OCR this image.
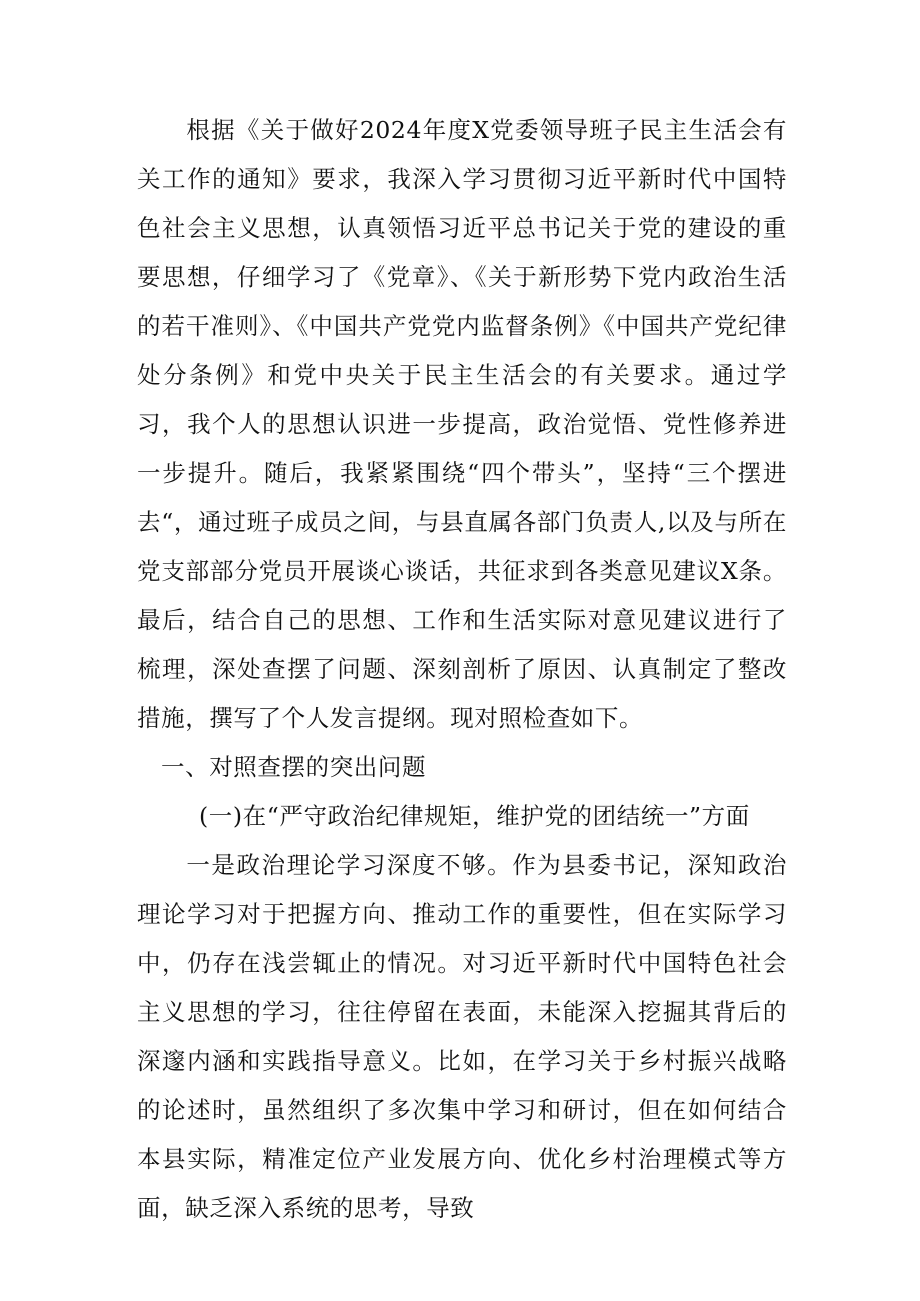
根据《关于做好2024年度X党委领导班子民主生活会有关工作的通知》要求，我深入学习贯彻习近平新时代中国特色社会主义思想，认真领悟习近平总书记关于党的建设的重要思想，仔细学习了《党章》、《关于新形势下党内政治生活的若干准则》、《中国共产党党内监督条例》《中国共产党纪律处分条例》和党中央关于民主生活会的有关要求。通过学习，我个人的思想认识进一步提高，政治觉悟、党性修养进一步提升。随后，我紧紧围绕“四个带头”，坚持“三个摆进去“，通过班子成员之间，与县直属各部门负责人,以及与所在党支部部分党员开展谈心谈话，共征求到各类意见建议X条。最后，结合自己的思想、工作和生活实际对意见建议进行了梳理，深处查摆了问题、深刻剖析了原因、认真制定了整改措施，撰写了个人发言提纲。现对照检查如下。

一、对照查摆的突出问题

(一)在“严守政治纪律规矩，维护党的团结统一”方面

一是政治理论学习深度不够。作为县委书记，深知政治理论学习对于把握方向、推动工作的重要性，但在实际学习中，仍存在浅尝辄止的情况。对习近平新时代中国特色社会主义思想的学习，往往停留在表面，未能深入挖掘其背后的深邃内涵和实践指导意义。比如，在学习关于乡村振兴战略的论述时，虽然组织了多次集中学习和研讨，但在如何结合本县实际，精准定位产业发展方向、优化乡村治理模式等方面，缺乏深入系统的思考，导致
